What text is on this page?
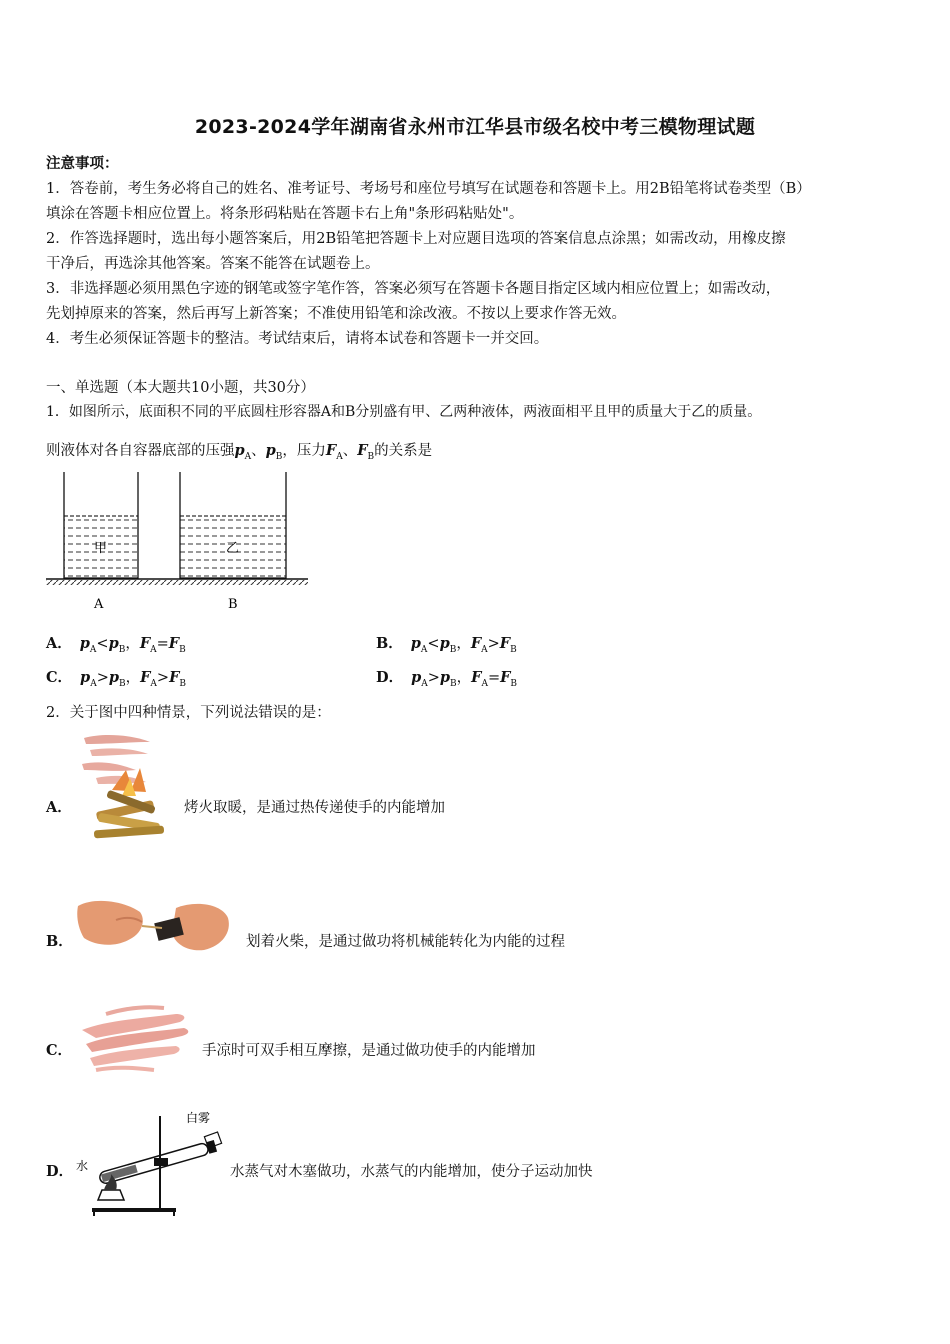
2023-2024学年湖南省永州市江华县市级名校中考三模物理试题
注意事项：
1．答卷前，考生务必将自己的姓名、准考证号、考场号和座位号填写在试题卷和答题卡上。用2B铅笔将试卷类型（B）
填涂在答题卡相应位置上。将条形码粘贴在答题卡右上角"条形码粘贴处"。
2．作答选择题时，选出每小题答案后，用2B铅笔把答题卡上对应题目选项的答案信息点涂黑；如需改动，用橡皮擦
干净后，再选涂其他答案。答案不能答在试题卷上。
3．非选择题必须用黑色字迹的钢笔或签字笔作答，答案必须写在答题卡各题目指定区域内相应位置上；如需改动，
先划掉原来的答案，然后再写上新答案；不准使用铅笔和涂改液。不按以上要求作答无效。
4．考生必须保证答题卡的整洁。考试结束后，请将本试卷和答题卡一并交回。
一、单选题（本大题共10小题，共30分）
1．如图所示，底面积不同的平底圆柱形容器A和B分别盛有甲、乙两种液体，两液面相平且甲的质量大于乙的质量。
则液体对各自容器底部的压强$p_A$、$p_B$，压力$F_A$、$F_B$的关系是
甲	乙
A	B
A． $p_A<p_B$，$F_A=F_B$	B． $p_A<p_B$，$F_A>F_B$
C． $p_A>p_B$，$F_A>F_B$	D． $p_A>p_B$，$F_A=F_B$
2．关于图中四种情景，下列说法错误的是：
A．	烤火取暖，是通过热传递使手的内能增加
B．	划着火柴，是通过做功将机械能转化为内能的过程
C．	手凉时可双手相互摩擦，是通过做功使手的内能增加
D．
白雾
水	水蒸气对木塞做功，水蒸气的内能增加，使分子运动加快
